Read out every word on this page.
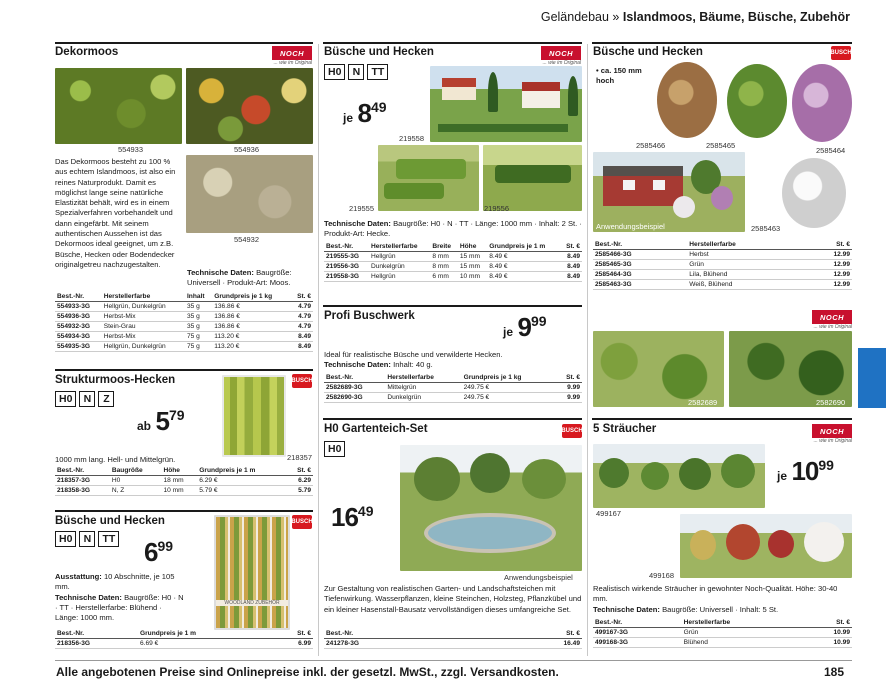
Geländebau » Islandmoos, Bäume, Büsche, Zubehör
Dekormoos	NOCH
... wie im Original
554933	554936
554932
Das Dekormoos besteht zu 100 % aus echtem Islandmoos, ist also ein reines Naturprodukt. Damit es möglichst lange seine natürliche Elastizität behält, wird es in einem Spezialverfahren vorbehandelt und dann eingefärbt. Mit seinem authentischen Aussehen ist das Dekormoos ideal geeignet, um z.B. Büsche, Hecken oder Bodendecker originalgetreu nachzugestalten.
Technische Daten: Baugröße: Universell · Produkt-Art: Moos.
Best.-Nr.	Herstellerfarbe	Inhalt	Grundpreis je 1 kg	St. €
554933-3G	Hellgrün, Dunkelgrün	35 g	136.86 €	4.79
554936-3G	Herbst-Mix	35 g	136.86 €	4.79
554932-3G	Stein-Grau	35 g	136.86 €	4.79
554934-3G	Herbst-Mix	75 g	113.20 €	8.49
554935-3G	Hellgrün, Dunkelgrün	75 g	113.20 €	8.49
Strukturmoos-Hecken	BUSCH
H0	N	Z
ab 579
218357
1000 mm lang. Hell- und Mittelgrün.
Best.-Nr.	Baugröße	Höhe	Grundpreis je 1 m	St. €
218357-3G	H0	18 mm	6.29 €	6.29
218358-3G	N, Z	10 mm	5.79 €	5.79
Büsche und Hecken	BUSCH
H0	N	TT 699
WOODLAND ZUBEHÖR
Ausstattung: 10 Abschnitte, je 105 mm.
Technische Daten: Baugröße: H0 · N · TT · Herstellerfarbe: Blühend · Länge: 1000 mm.
Best.-Nr.	Grundpreis je 1 m	St. €
218356-3G	6.69 €	6.99
Büsche und Hecken	NOCH
... wie im Original
H0	N	TT
je 849
219558
219555	219556
Technische Daten: Baugröße: H0 · N · TT · Länge: 1000 mm · Inhalt: 2 St. · Produkt-Art: Hecke.
Best.-Nr.	Herstellerfarbe	Breite	Höhe	Grundpreis je 1 m	St. €
219555-3G	Hellgrün	8 mm	15 mm	8.49 €	8.49
219556-3G	Dunkelgrün	8 mm	15 mm	8.49 €	8.49
219558-3G	Hellgrün	6 mm	10 mm	8.49 €	8.49
Profi Buschwerk
je 999
Ideal für realistische Büsche und verwilderte Hecken.
Technische Daten: Inhalt: 40 g.
Best.-Nr.	Herstellerfarbe	Grundpreis je 1 kg	St. €
2582689-3G	Mittelgrün	249.75 €	9.99
2582690-3G	Dunkelgrün	249.75 €	9.99
H0 Gartenteich-Set	BUSCH
H0
1649
Anwendungsbeispiel
Zur Gestaltung von realistischen Garten- und Landschaftsteichen mit Tiefenwirkung. Wasserpflanzen, kleine Steinchen, Holzsteg, Pflanzkübel und ein kleiner Hasenstall-Bausatz vervollständigen dieses umfangreiche Set.
Best.-Nr.	St. €
241278-3G	16.49
Büsche und Hecken	BUSCH
• ca. 150 mm hoch
2585466	2585465
2585464
Anwendungsbeispiel	2585463
Best.-Nr.	Herstellerfarbe	St. €
2585466-3G	Herbst	12.99
2585465-3G	Grün	12.99
2585464-3G	Lila, Blühend	12.99
2585463-3G	Weiß, Blühend	12.99
NOCH
... wie im Original
2582689	2582690
5 Sträucher	NOCH
... wie im Original
je 1099
499167
499168
Realistisch wirkende Sträucher in gewohnter Noch-Qualität. Höhe: 30-40 mm.
Technische Daten: Baugröße: Universell · Inhalt: 5 St.
Best.-Nr.	Herstellerfarbe	St. €
499167-3G	Grün	10.99
499168-3G	Blühend	10.99
Alle angebotenen Preise sind Onlinepreise inkl. der gesetzl. MwSt., zzgl. Versandkosten.	185
